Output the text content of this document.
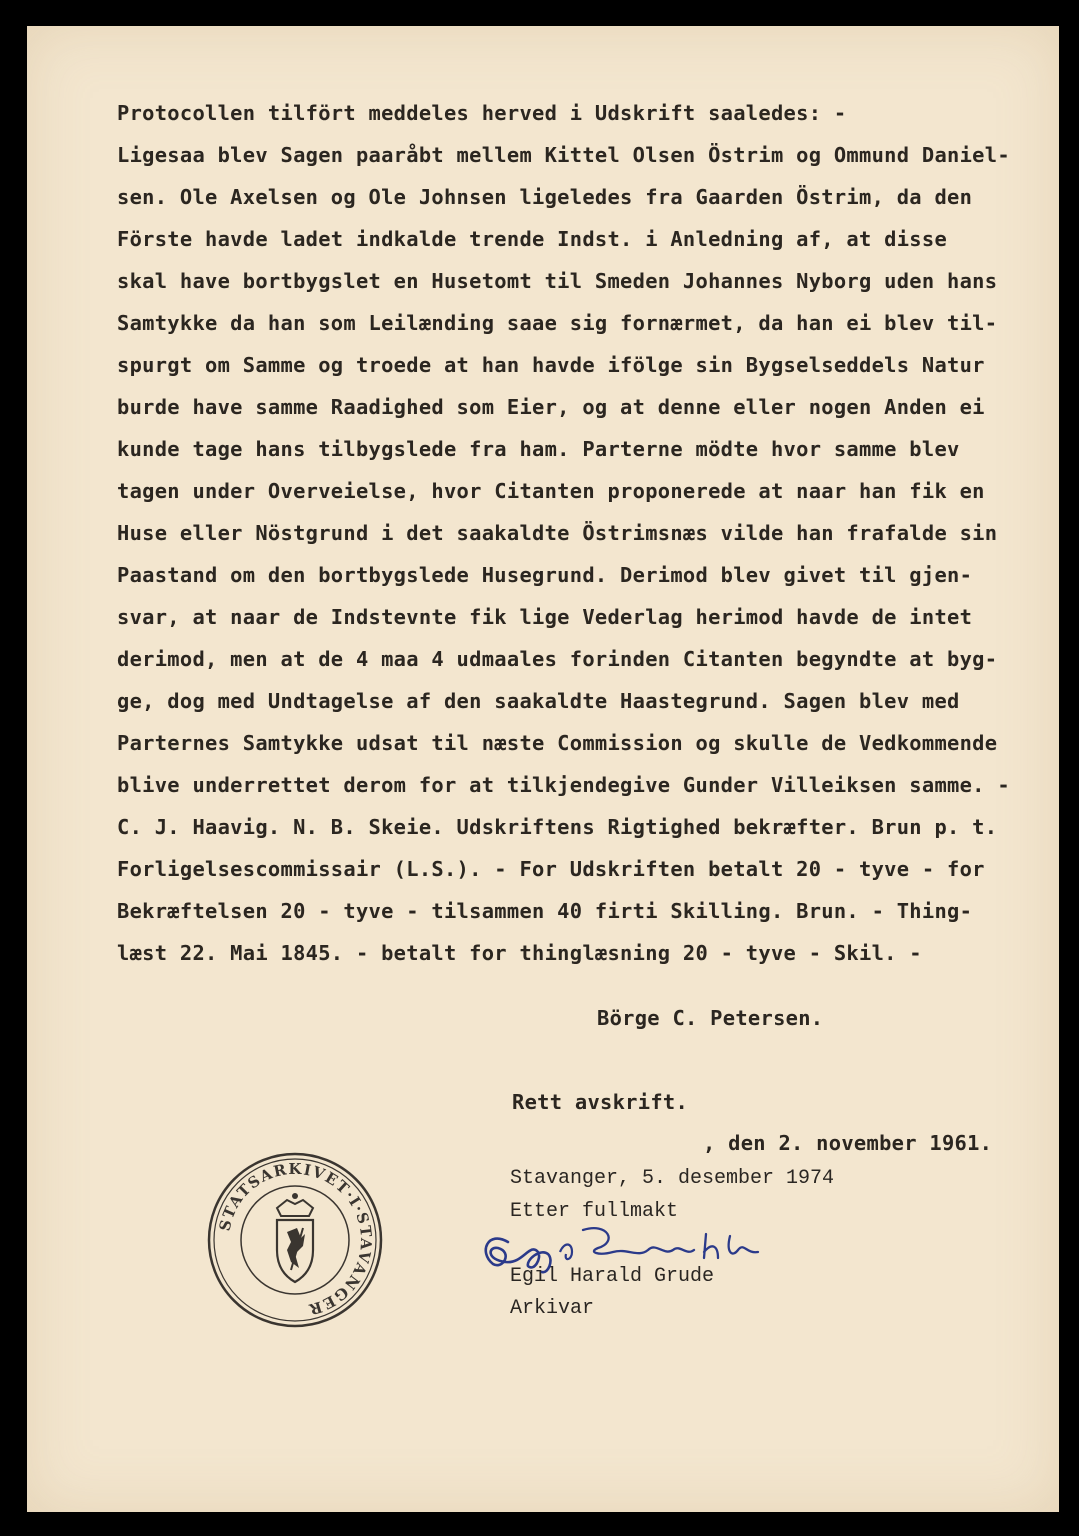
Protocollen tilfört meddeles herved i Udskrift saaledes: -
Ligesaa blev Sagen paaråbt mellem Kittel Olsen Östrim og Ommund Daniel-
sen. Ole Axelsen og Ole Johnsen ligeledes fra Gaarden Östrim, da den
Förste havde ladet indkalde trende Indst. i Anledning af, at disse
skal have bortbygslet en Husetomt til Smeden Johannes Nyborg uden hans
Samtykke da han som Leilænding saae sig fornærmet, da han ei blev til-
spurgt om Samme og troede at han havde ifölge sin Bygselseddels Natur
burde have samme Raadighed som Eier, og at denne eller nogen Anden ei
kunde tage hans tilbygslede fra ham. Parterne mödte hvor samme blev
tagen under Overveielse, hvor Citanten proponerede at naar han fik en
Huse eller Nöstgrund i det saakaldte Östrimsnæs vilde han frafalde sin
Paastand om den bortbygslede Husegrund. Derimod blev givet til gjen-
svar, at naar de Indstevnte fik lige Vederlag herimod havde de intet
derimod, men at de 4 maa 4 udmaales forinden Citanten begyndte at byg-
ge, dog med Undtagelse af den saakaldte Haastegrund. Sagen blev med
Parternes Samtykke udsat til næste Commission og skulle de Vedkommende
blive underrettet derom for at tilkjendegive Gunder Villeiksen samme. -
C. J. Haavig. N. B. Skeie. Udskriftens Rigtighed bekræfter. Brun p. t.
Forligelsescommissair (L.S.). - For Udskriften betalt 20 - tyve - for
Bekræftelsen 20 - tyve - tilsammen 40 firti Skilling. Brun. - Thing-
læst 22. Mai 1845. - betalt for thinglæsning 20 - tyve - Skil. -
Börge C. Petersen.
Rett avskrift.
, den 2. november 1961.
Stavanger, 5. desember 1974
Etter fullmakt
Egil Harald Grude
Arkivar
STATSARKIVET·I·STAVANGER
